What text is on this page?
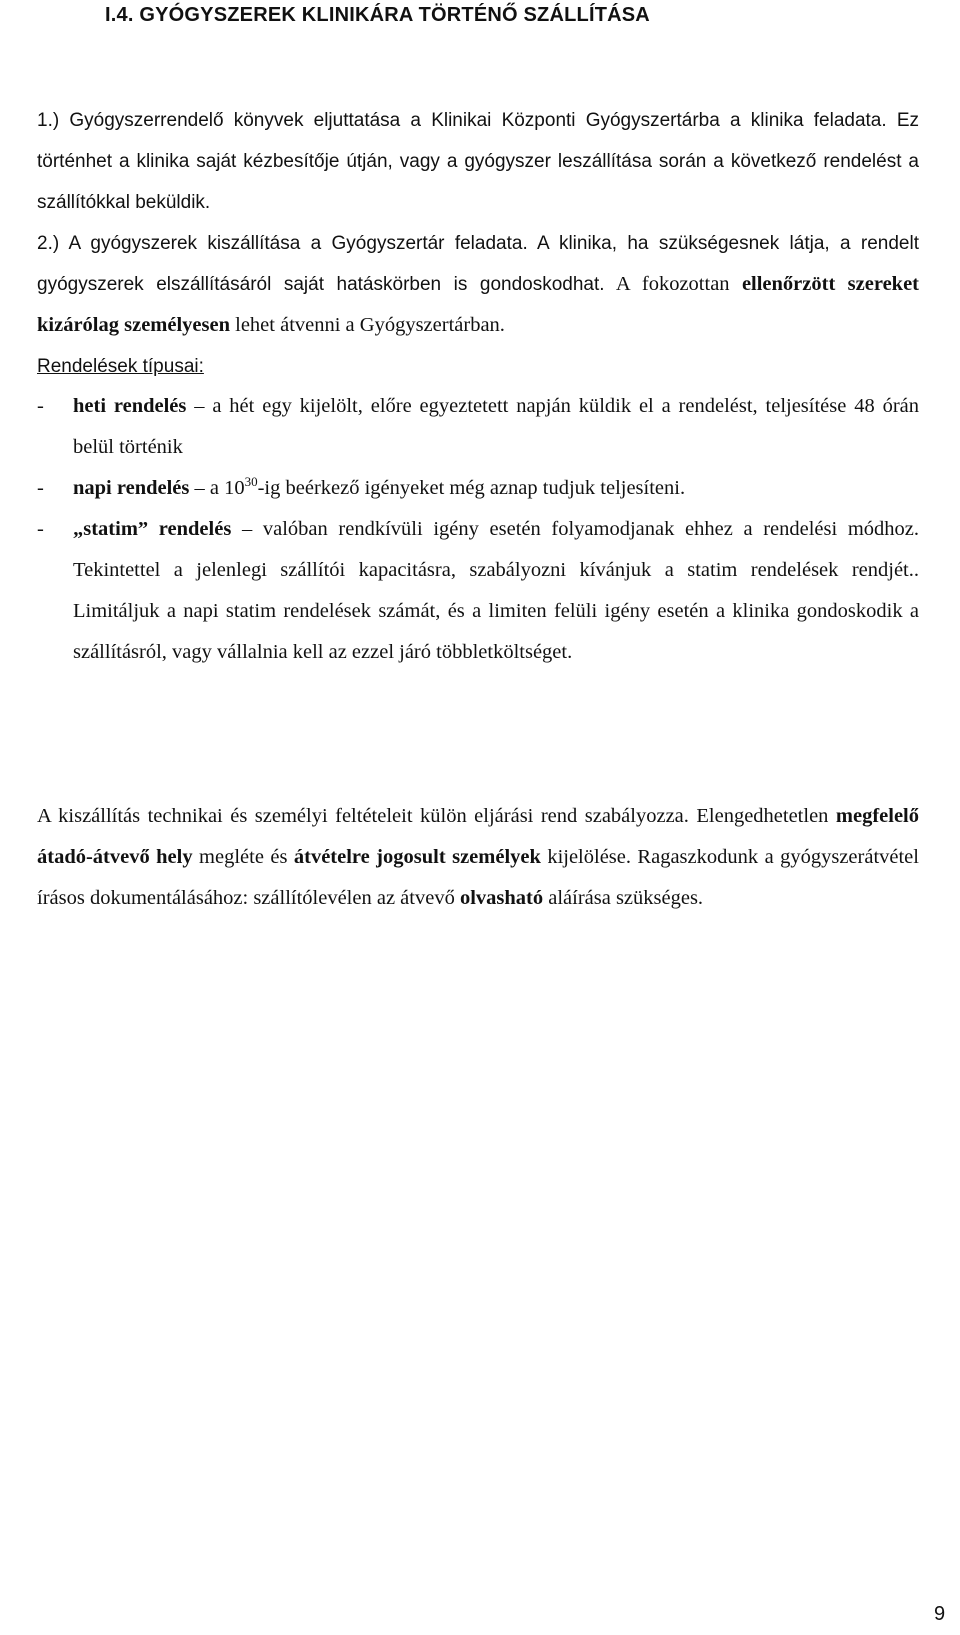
I.4. GYÓGYSZEREK KLINIKÁRA TÖRTÉNŐ SZÁLLÍTÁSA

1.) Gyógyszerrendelő könyvek eljuttatása a Klinikai Központi Gyógyszertárba a klinika feladata. Ez történhet a klinika saját kézbesítője útján, vagy a gyógyszer leszállítása során a következő rendelést a szállítókkal beküldik.

2.) A gyógyszerek kiszállítása a Gyógyszertár feladata. A klinika, ha szükségesnek látja, a rendelt gyógyszerek elszállításáról saját hatáskörben is gondoskodhat. A fokozottan ellenőrzött szereket kizárólag személyesen lehet átvenni a Gyógyszertárban.

Rendelések típusai:

-	heti rendelés – a hét egy kijelölt, előre egyeztetett napján küldik el a rendelést, teljesítése 48 órán belül történik
-	napi rendelés – a $10^{30}-ig$ beérkező igényeket még aznap tudjuk teljesíteni.
-	„statim” rendelés – valóban rendkívüli igény esetén folyamodjanak ehhez a rendelési módhoz. Tekintettel a jelenlegi szállítói kapacitásra, szabályozni kívánjuk a statim rendelések rendjét.. Limitáljuk a napi statim rendelések számát, és a limiten felüli igény esetén a klinika gondoskodik a szállításról, vagy vállalnia kell az ezzel járó többletköltséget.

A kiszállítás technikai és személyi feltételeit külön eljárási rend szabályozza. Elengedhetetlen megfelelő átadó-átvevő hely megléte és átvételre jogosult személyek kijelölése. Ragaszkodunk a gyógyszerátvétel írásos dokumentálásához: szállítólevélen az átvevő olvasható aláírása szükséges.

9
